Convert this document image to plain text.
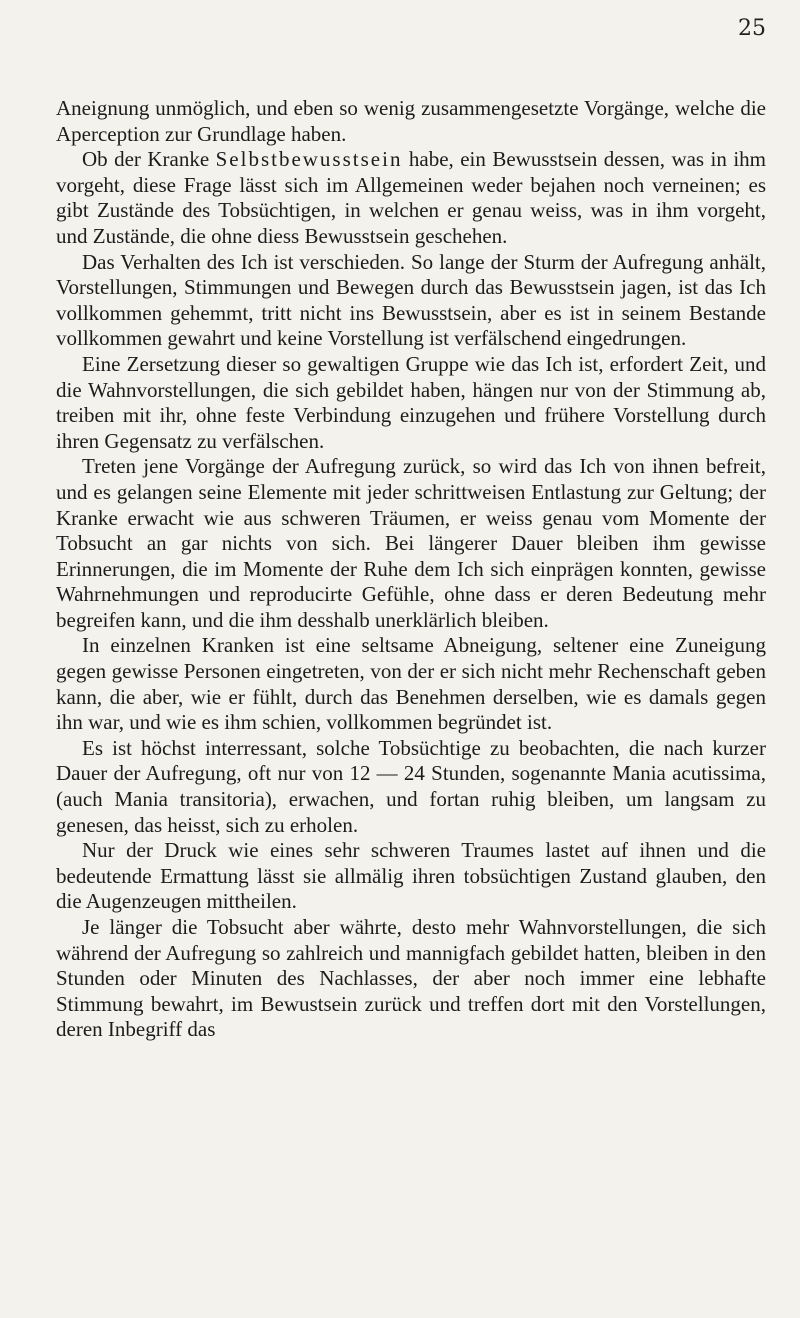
25

Aneignung unmöglich, und eben so wenig zusammengesetzte Vorgänge, welche die Aperception zur Grundlage haben.

Ob der Kranke Selbstbewusstsein habe, ein Bewusstsein dessen, was in ihm vorgeht, diese Frage lässt sich im Allgemeinen weder bejahen noch verneinen; es gibt Zustände des Tobsüchtigen, in welchen er genau weiss, was in ihm vorgeht, und Zustände, die ohne diess Bewusstsein geschehen.

Das Verhalten des Ich ist verschieden. So lange der Sturm der Aufregung anhält, Vorstellungen, Stimmungen und Bewegen durch das Bewusstsein jagen, ist das Ich vollkommen gehemmt, tritt nicht ins Bewusstsein, aber es ist in seinem Bestande vollkommen gewahrt und keine Vorstellung ist verfälschend eingedrungen.

Eine Zersetzung dieser so gewaltigen Gruppe wie das Ich ist, erfordert Zeit, und die Wahnvorstellungen, die sich gebildet haben, hängen nur von der Stimmung ab, treiben mit ihr, ohne feste Verbindung einzugehen und frühere Vorstellung durch ihren Gegensatz zu verfälschen.

Treten jene Vorgänge der Aufregung zurück, so wird das Ich von ihnen befreit, und es gelangen seine Elemente mit jeder schrittweisen Entlastung zur Geltung; der Kranke erwacht wie aus schweren Träumen, er weiss genau vom Momente der Tobsucht an gar nichts von sich. Bei längerer Dauer bleiben ihm gewisse Erinnerungen, die im Momente der Ruhe dem Ich sich einprägen konnten, gewisse Wahrnehmungen und reproducirte Gefühle, ohne dass er deren Bedeutung mehr begreifen kann, und die ihm desshalb unerklärlich bleiben.

In einzelnen Kranken ist eine seltsame Abneigung, seltener eine Zuneigung gegen gewisse Personen eingetreten, von der er sich nicht mehr Rechenschaft geben kann, die aber, wie er fühlt, durch das Benehmen derselben, wie es damals gegen ihn war, und wie es ihm schien, vollkommen begründet ist.

Es ist höchst interressant, solche Tobsüchtige zu beobachten, die nach kurzer Dauer der Aufregung, oft nur von 12 — 24 Stunden, sogenannte Mania acutissima, (auch Mania transitoria), erwachen, und fortan ruhig bleiben, um langsam zu genesen, das heisst, sich zu erholen.

Nur der Druck wie eines sehr schweren Traumes lastet auf ihnen und die bedeutende Ermattung lässt sie allmälig ihren tobsüchtigen Zustand glauben, den die Augenzeugen mittheilen.

Je länger die Tobsucht aber währte, desto mehr Wahnvorstellungen, die sich während der Aufregung so zahlreich und mannigfach gebildet hatten, bleiben in den Stunden oder Minuten des Nachlasses, der aber noch immer eine lebhafte Stimmung bewahrt, im Bewustsein zurück und treffen dort mit den Vorstellungen, deren Inbegriff das
